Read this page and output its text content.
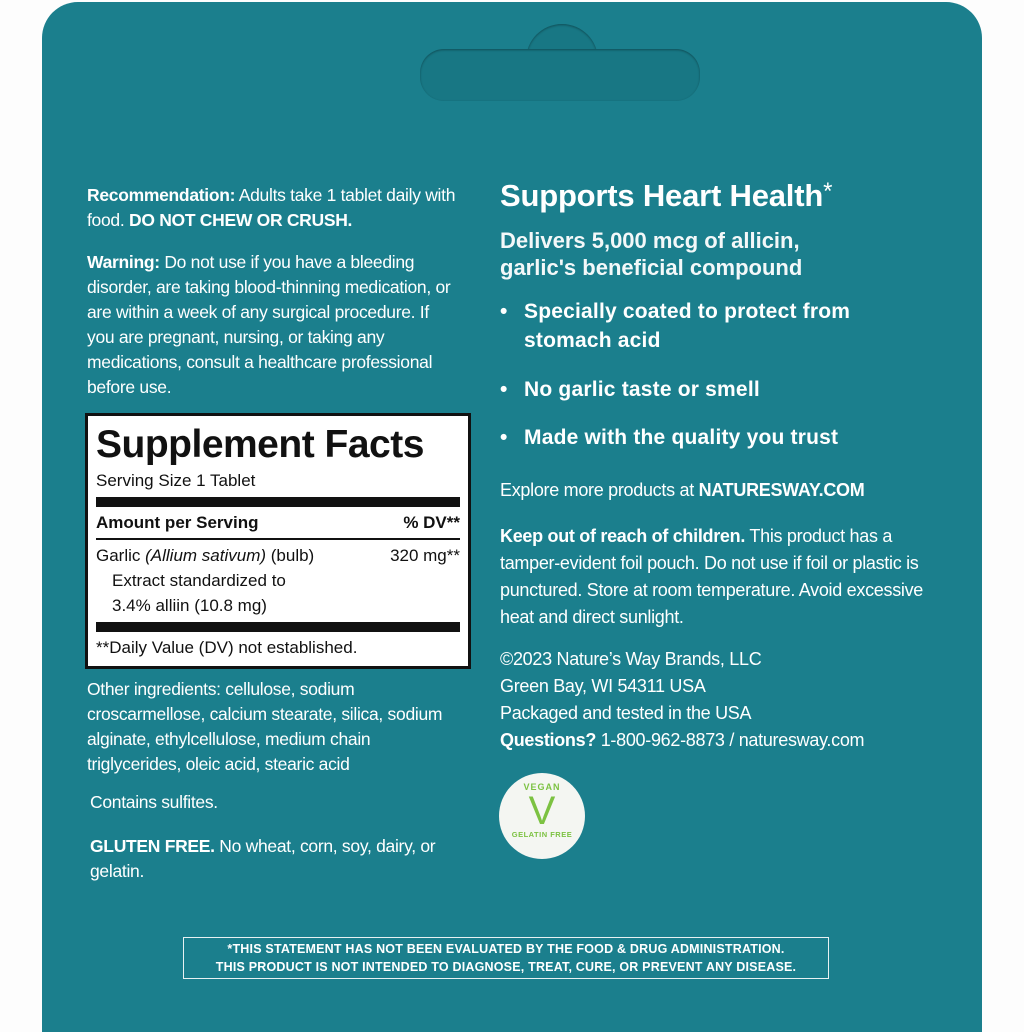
Recommendation: Adults take 1 tablet daily with food. DO NOT CHEW OR CRUSH.
Warning: Do not use if you have a bleeding disorder, are taking blood-thinning medication, or are within a week of any surgical procedure. If you are pregnant, nursing, or taking any medications, consult a healthcare professional before use.
Supplement Facts
Serving Size 1 Tablet
Amount per Serving	% DV**
Garlic (Allium sativum) (bulb)	320 mg**
Extract standardized to
3.4% alliin (10.8 mg)
**Daily Value (DV) not established.
Other ingredients: cellulose, sodium croscarmellose, calcium stearate, silica, sodium alginate, ethylcellulose, medium chain triglycerides, oleic acid, stearic acid
Contains sulfites.
GLUTEN FREE. No wheat, corn, soy, dairy, or gelatin.
Supports Heart Health*
Delivers 5,000 mcg of allicin, garlic's beneficial compound
• Specially coated to protect from stomach acid
• No garlic taste or smell
• Made with the quality you trust
Explore more products at NATURESWAY.COM
Keep out of reach of children. This product has a tamper-evident foil pouch. Do not use if foil or plastic is punctured. Store at room temperature. Avoid excessive heat and direct sunlight.
©2023 Nature’s Way Brands, LLC
Green Bay, WI 54311 USA
Packaged and tested in the USA
Questions? 1-800-962-8873 / naturesway.com
VEGAN
V
GELATIN FREE
*THIS STATEMENT HAS NOT BEEN EVALUATED BY THE FOOD & DRUG ADMINISTRATION.
THIS PRODUCT IS NOT INTENDED TO DIAGNOSE, TREAT, CURE, OR PREVENT ANY DISEASE.
